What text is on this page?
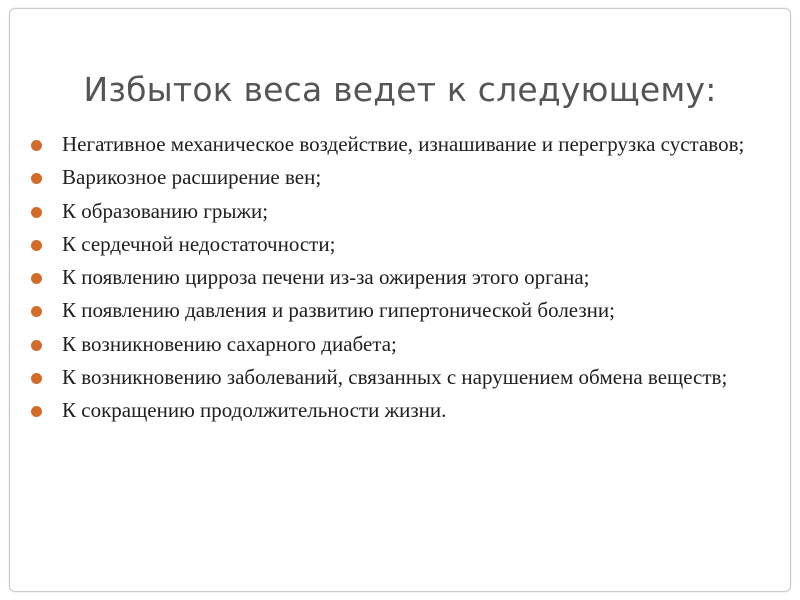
Избыток веса ведет к следующему:
Негативное механическое воздействие, изнашивание и перегрузка суставов;
Варикозное расширение вен;
К образованию грыжи;
К сердечной недостаточности;
К появлению цирроза печени из-за ожирения этого органа;
К появлению давления и развитию гипертонической болезни;
К возникновению сахарного диабета;
К возникновению заболеваний, связанных с нарушением обмена веществ;
К сокращению продолжительности жизни.
